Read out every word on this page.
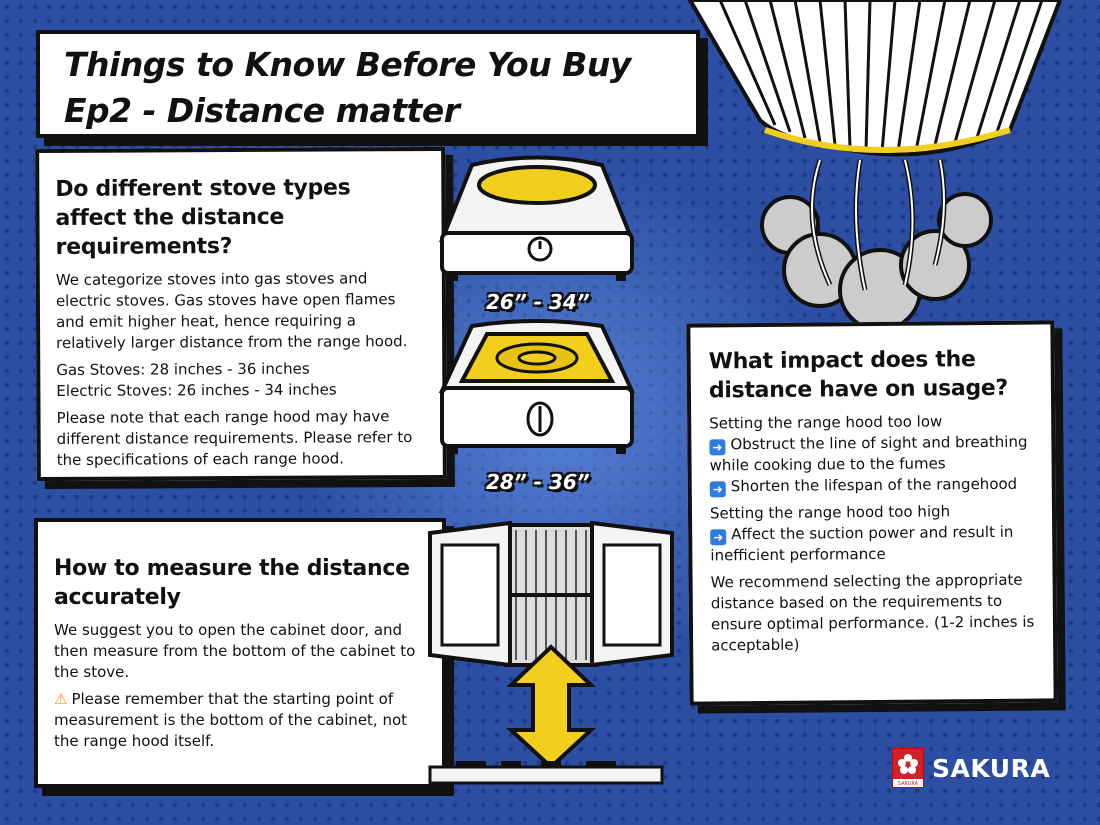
Things to Know Before You Buy
Ep2 - Distance matter
Do different stove types affect the distance requirements?

We categorize stoves into gas stoves and electric stoves. Gas stoves have open flames and emit higher heat, hence requiring a relatively larger distance from the range hood.

Gas Stoves: 28 inches - 36 inches

Electric Stoves: 26 inches - 34 inches

Please note that each range hood may have different distance requirements. Please refer to the specifications of each range hood.

26” - 34”
28” - 36”
How to measure the distance accurately

We suggest you to open the cabinet door, and then measure from the bottom of the cabinet to the stove.

⚠ Please remember that the starting point of measurement is the bottom of the cabinet, not the range hood itself.

What impact does the distance have on usage?

Setting the range hood too low

➜ Obstruct the line of sight and breathing while cooking due to the fumes

➜ Shorten the lifespan of the rangehood

Setting the range hood too high

➜ Affect the suction power and result in inefficient performance

We recommend selecting the appropriate distance based on the requirements to ensure optimal performance. (1-2 inches is acceptable)

SAKURA
SAKURA
